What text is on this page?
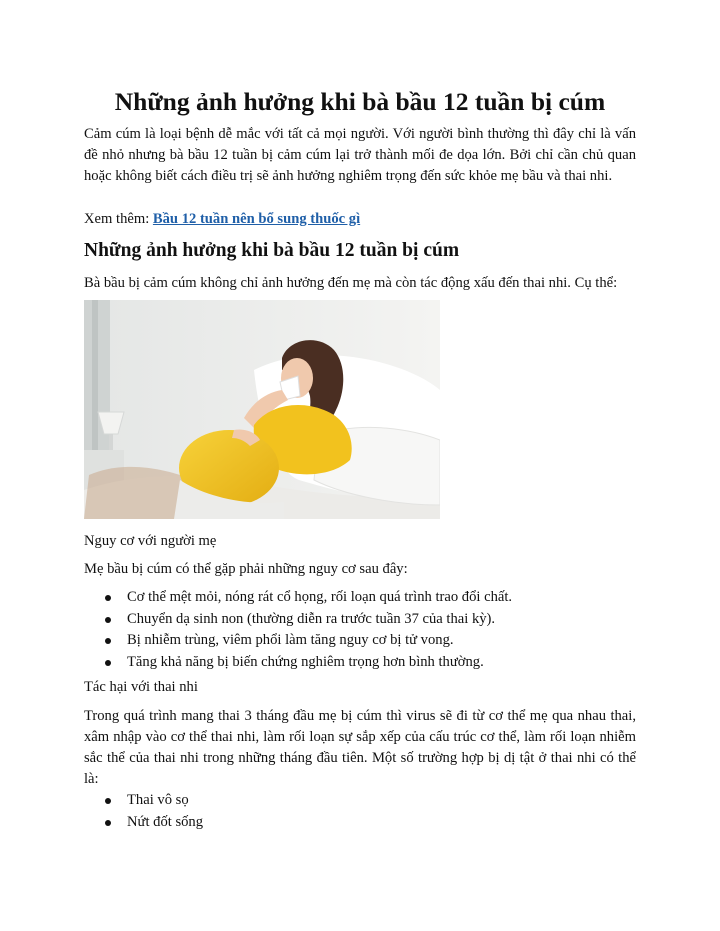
Những ảnh hưởng khi bà bầu 12 tuần bị cúm

Cảm cúm là loại bệnh dễ mắc với tất cả mọi người. Với người bình thường thì đây chỉ là vấn đề nhỏ nhưng bà bầu 12 tuần bị cảm cúm lại trở thành mối đe dọa lớn. Bởi chỉ cần chủ quan hoặc không biết cách điều trị sẽ ảnh hưởng nghiêm trọng đến sức khỏe mẹ bầu và thai nhi.

Xem thêm: Bầu 12 tuần nên bổ sung thuốc gì

Những ảnh hưởng khi bà bầu 12 tuần bị cúm

Bà bầu bị cảm cúm không chỉ ảnh hưởng đến mẹ mà còn tác động xấu đến thai nhi. Cụ thể:

Nguy cơ với người mẹ

Mẹ bầu bị cúm có thể gặp phải những nguy cơ sau đây:

Cơ thể mệt mỏi, nóng rát cổ họng, rối loạn quá trình trao đổi chất.
Chuyển dạ sinh non (thường diễn ra trước tuần 37 của thai kỳ).
Bị nhiễm trùng, viêm phổi làm tăng nguy cơ bị tử vong.
Tăng khả năng bị biến chứng nghiêm trọng hơn bình thường.

Tác hại với thai nhi

Trong quá trình mang thai 3 tháng đầu mẹ bị cúm thì virus sẽ đi từ cơ thể mẹ qua nhau thai, xâm nhập vào cơ thể thai nhi, làm rối loạn sự sắp xếp của cấu trúc cơ thể, làm rối loạn nhiễm sắc thể của thai nhi trong những tháng đầu tiên. Một số trường hợp bị dị tật ở thai nhi có thể là:

Thai vô sọ
Nứt đốt sống
